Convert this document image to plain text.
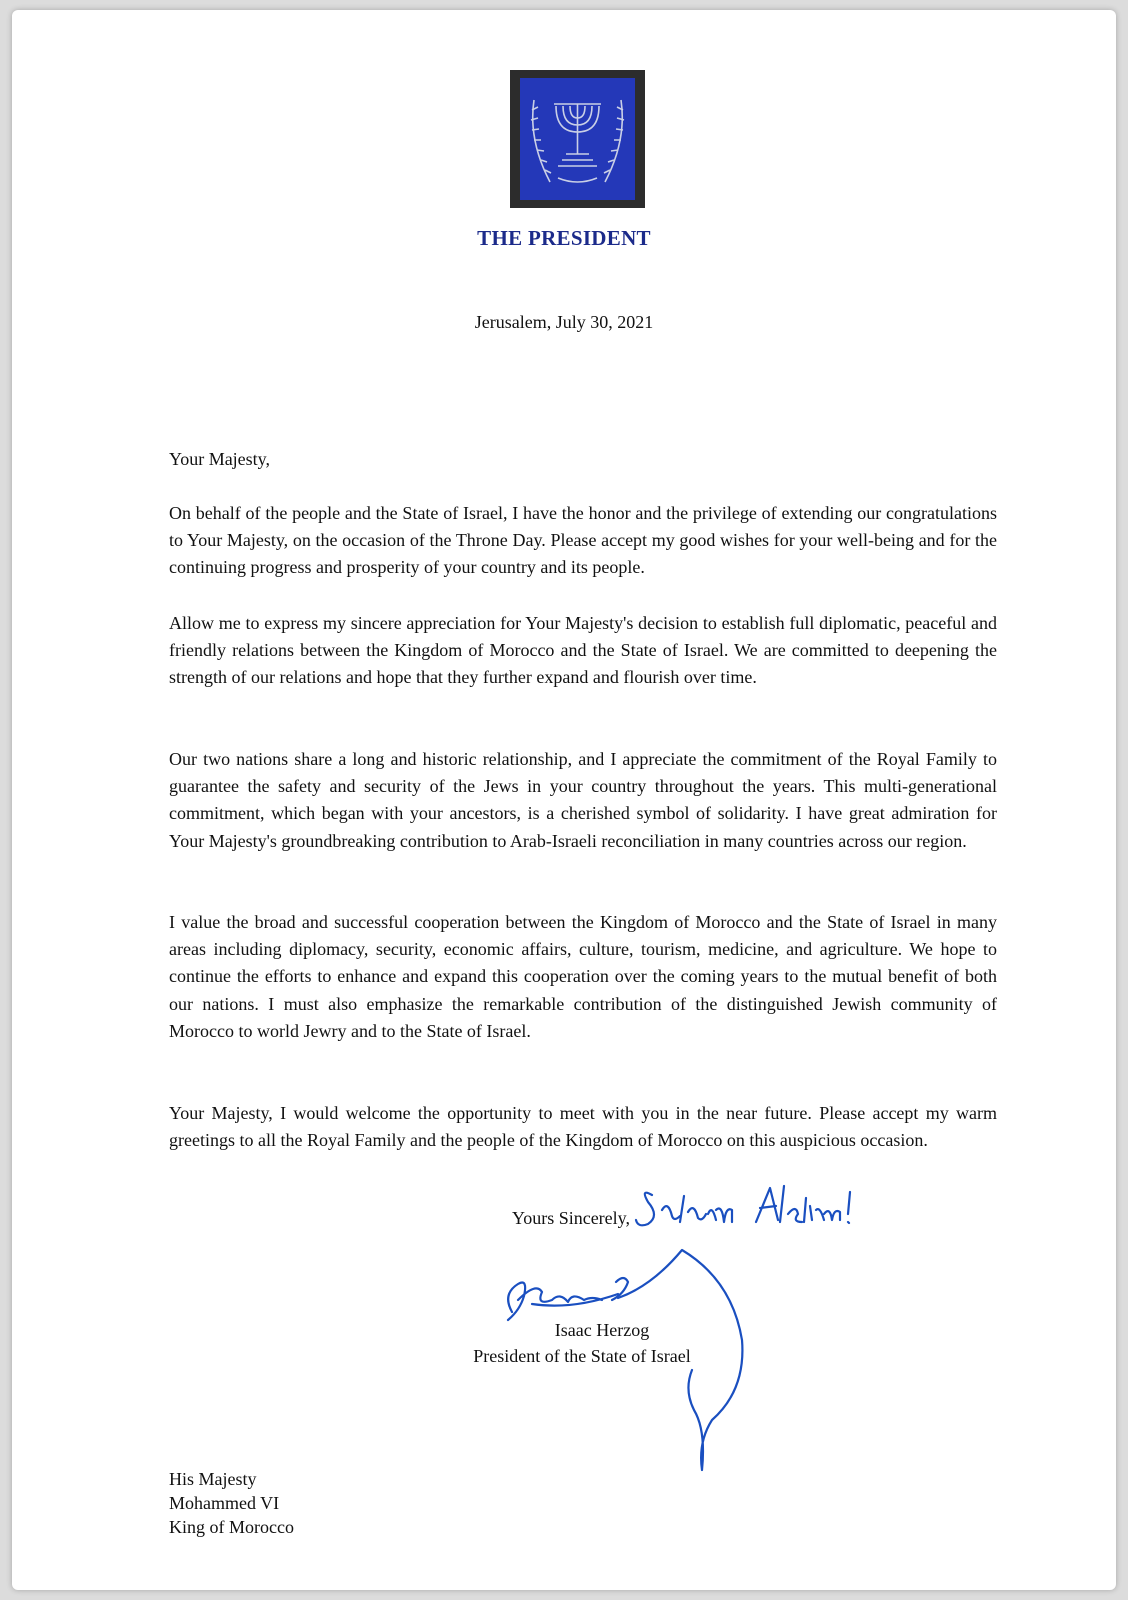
THE PRESIDENT
Jerusalem, July 30, 2021
Your Majesty,
On behalf of the people and the State of Israel, I have the honor and the privilege of extending our congratulations to Your Majesty, on the occasion of the Throne Day. Please accept my good wishes for your well-being and for the continuing progress and prosperity of your country and its people.
Allow me to express my sincere appreciation for Your Majesty's decision to establish full diplomatic, peaceful and friendly relations between the Kingdom of Morocco and the State of Israel. We are committed to deepening the strength of our relations and hope that they further expand and flourish over time.
Our two nations share a long and historic relationship, and I appreciate the commitment of the Royal Family to guarantee the safety and security of the Jews in your country throughout the years. This multi-generational commitment, which began with your ancestors, is a cherished symbol of solidarity. I have great admiration for Your Majesty's groundbreaking contribution to Arab-Israeli reconciliation in many countries across our region.
I value the broad and successful cooperation between the Kingdom of Morocco and the State of Israel in many areas including diplomacy, security, economic affairs, culture, tourism, medicine, and agriculture. We hope to continue the efforts to enhance and expand this cooperation over the coming years to the mutual benefit of both our nations. I must also emphasize the remarkable contribution of the distinguished Jewish community of Morocco to world Jewry and to the State of Israel.
Your Majesty, I would welcome the opportunity to meet with you in the near future. Please accept my warm greetings to all the Royal Family and the people of the Kingdom of Morocco on this auspicious occasion.
Yours Sincerely,
Isaac Herzog
President of the State of Israel
His Majesty
Mohammed VI
King of Morocco
